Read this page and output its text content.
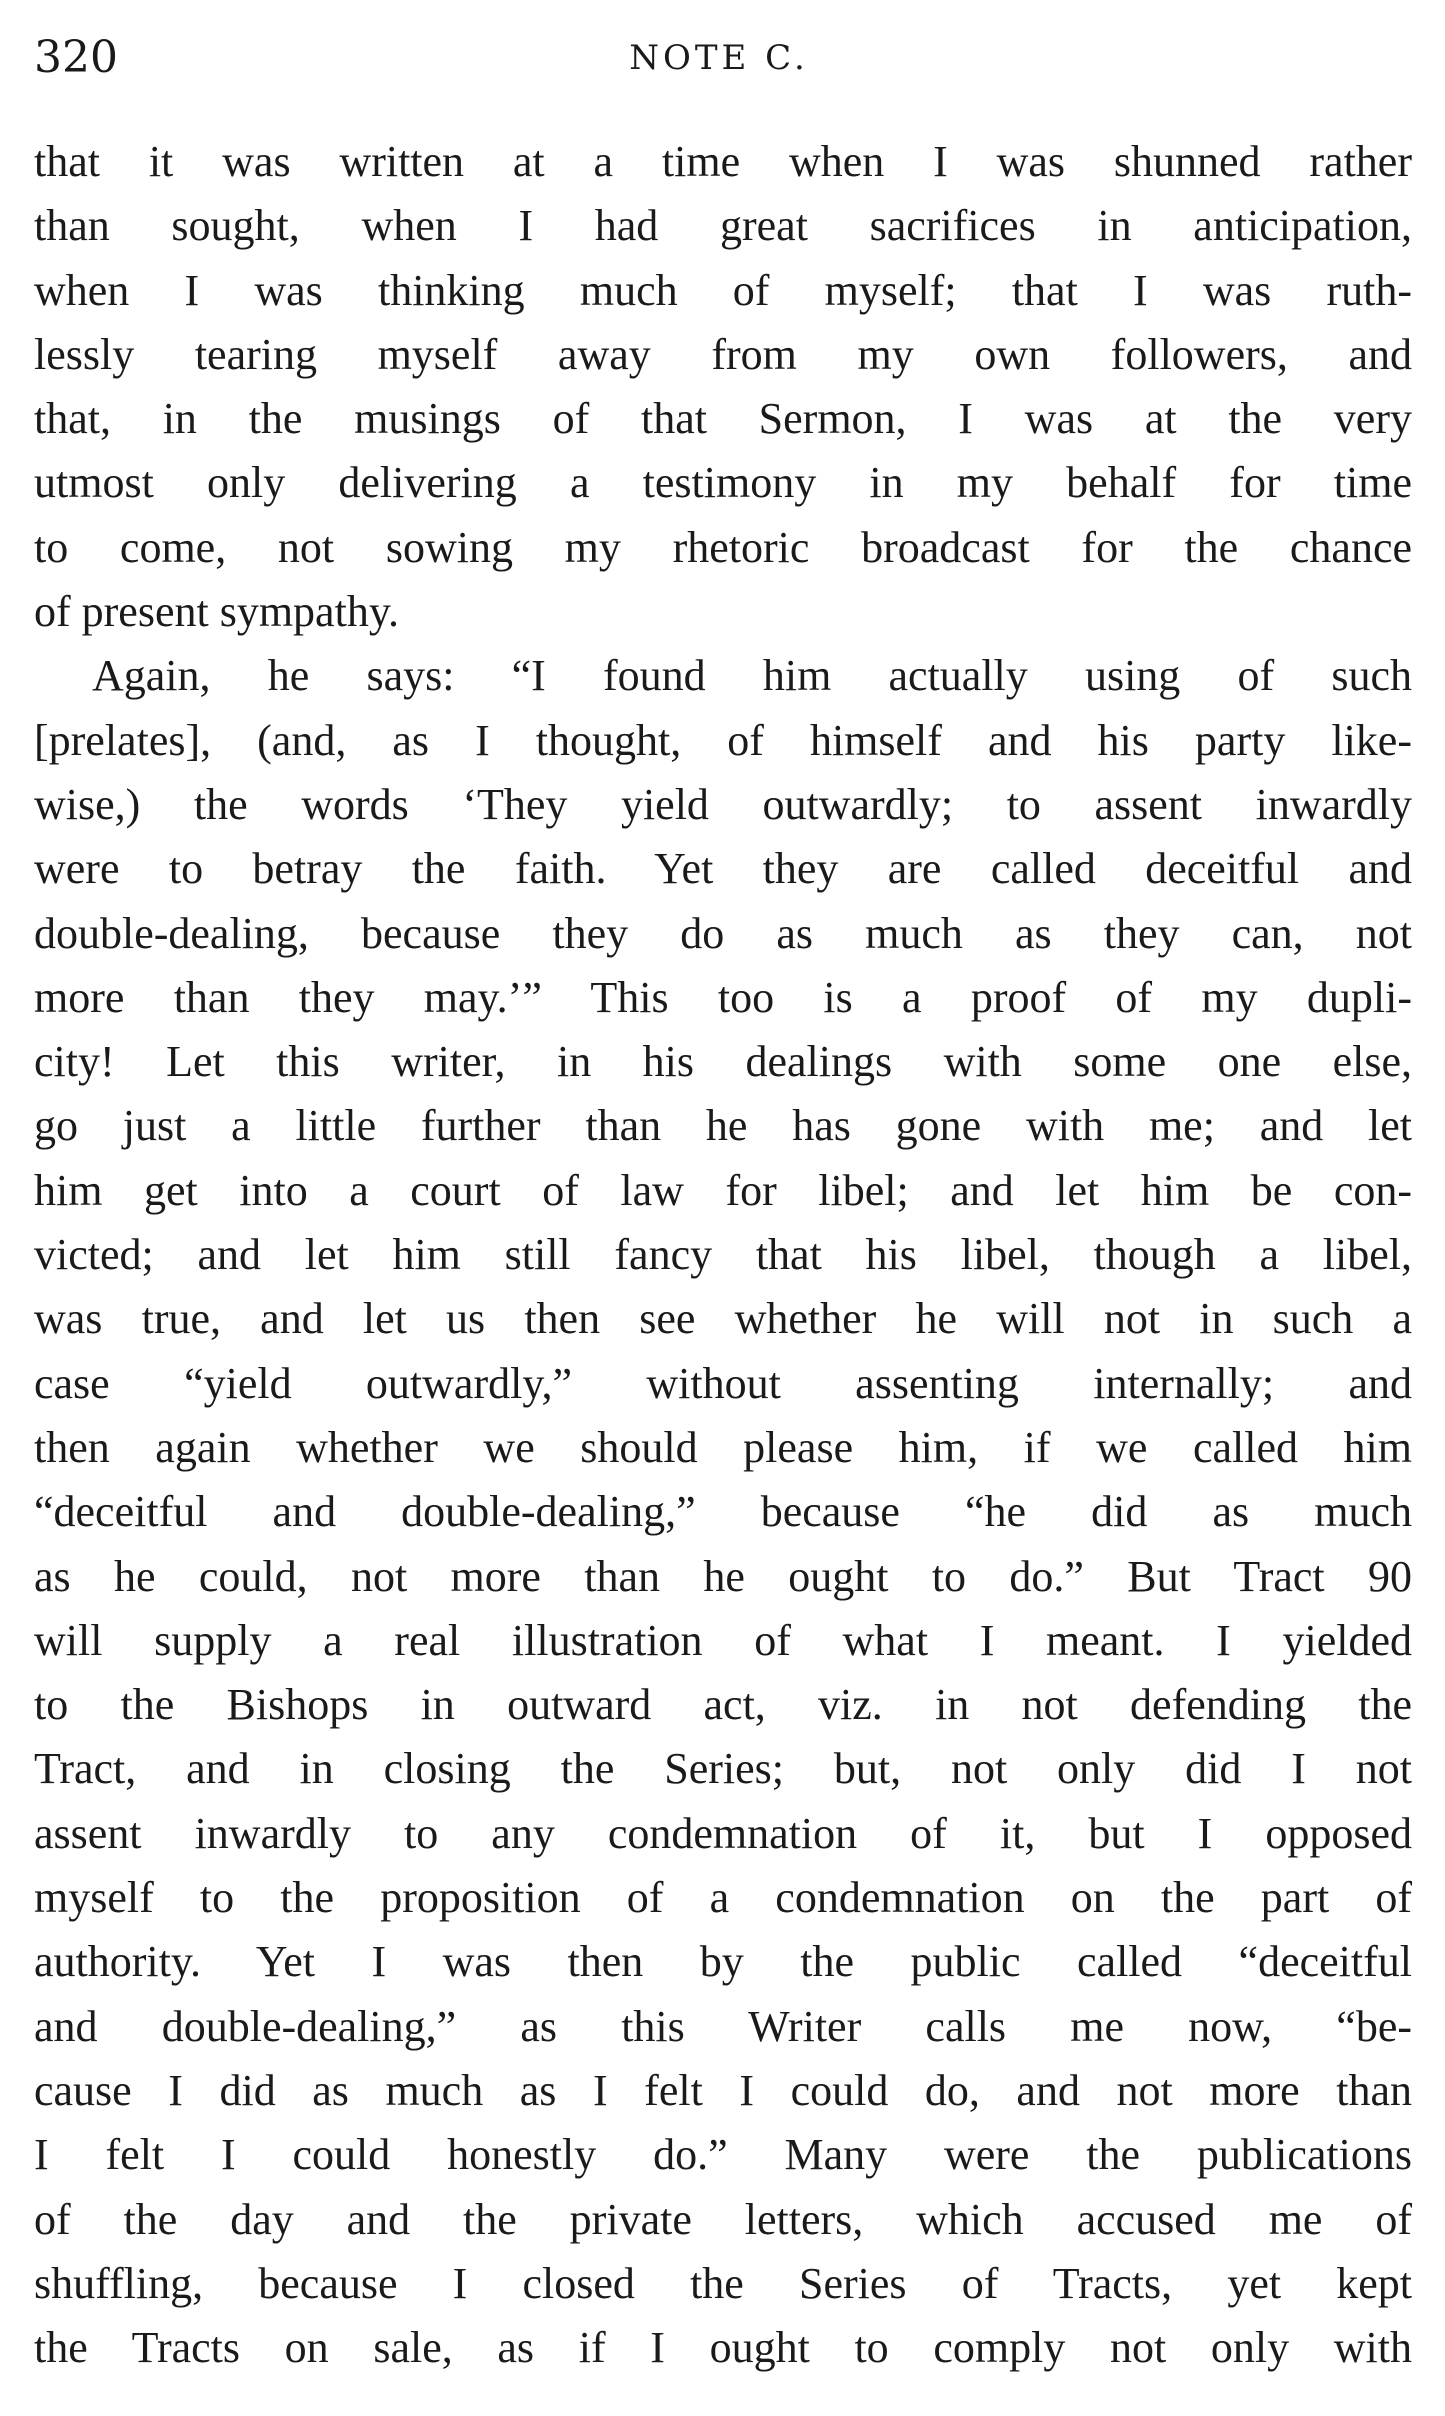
320	NOTE C.
that it was written at a time when I was shunned rather
than sought, when I had great sacrifices in anticipation,
when I was thinking much of myself; that I was ruth-
lessly tearing myself away from my own followers, and
that, in the musings of that Sermon, I was at the very
utmost only delivering a testimony in my behalf for time
to come, not sowing my rhetoric broadcast for the chance
of present sympathy.
Again, he says: “I found him actually using of such
[prelates], (and, as I thought, of himself and his party like-
wise,) the words ‘They yield outwardly; to assent inwardly
were to betray the faith. Yet they are called deceitful and
double-dealing, because they do as much as they can, not
more than they may.’” This too is a proof of my dupli-
city! Let this writer, in his dealings with some one else,
go just a little further than he has gone with me; and let
him get into a court of law for libel; and let him be con-
victed; and let him still fancy that his libel, though a libel,
was true, and let us then see whether he will not in such a
case “yield outwardly,” without assenting internally; and
then again whether we should please him, if we called him
“deceitful and double-dealing,” because “he did as much
as he could, not more than he ought to do.” But Tract 90
will supply a real illustration of what I meant. I yielded
to the Bishops in outward act, viz. in not defending the
Tract, and in closing the Series; but, not only did I not
assent inwardly to any condemnation of it, but I opposed
myself to the proposition of a condemnation on the part of
authority. Yet I was then by the public called “deceitful
and double-dealing,” as this Writer calls me now, “be-
cause I did as much as I felt I could do, and not more than
I felt I could honestly do.” Many were the publications
of the day and the private letters, which accused me of
shuffling, because I closed the Series of Tracts, yet kept
the Tracts on sale, as if I ought to comply not only with
